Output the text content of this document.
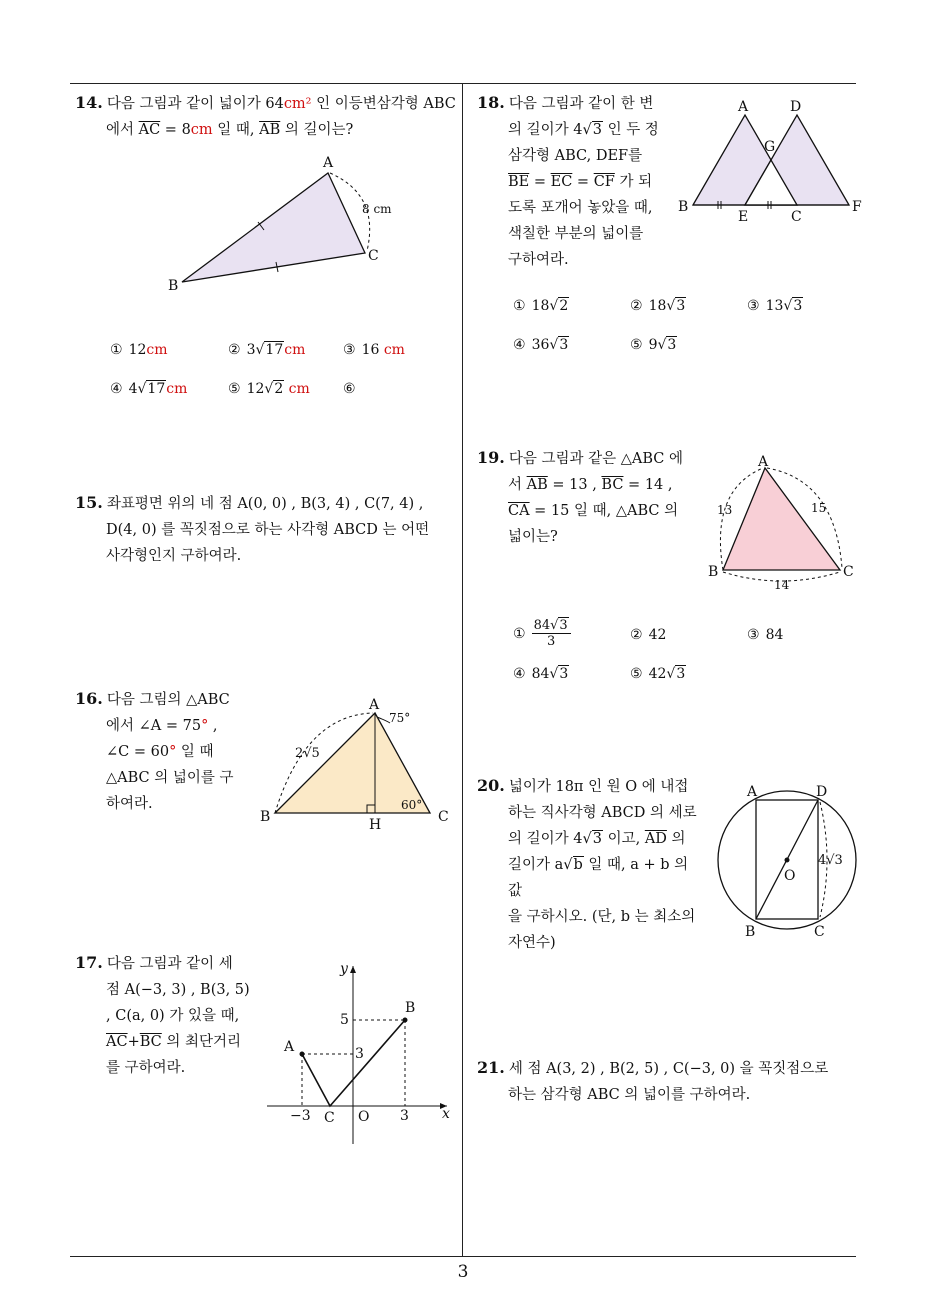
14. 다음 그림과 같이 넓이가 64cm² 인 이등변삼각형 ABC
에서 $\overline{AC} = 8cm$ 일 때, $\overline{AB}$ 의 길이는?
A
B
C
8 cm
① 12cm	② 3√17cm	③ 16 cm
④ 4√17cm	⑤ 12√2 cm ⑥
15. 좌표평면 위의 네 점 A(0, 0) , B(3, 4) , C(7, 4) ,
D(4, 0) 를 꼭짓점으로 하는 사각형 ABCD 는 어떤
사각형인지 구하여라.
16. 다음 그림의 △ABC
에서 ∠A = 75° ,
∠C = 60° 일 때
△ABC 의 넓이를 구
하여라.
A
B	C
H
2√5
75°
60°
17. 다음 그림과 같이 세
점 A(−3, 3) , B(3, 5)
, C(a, 0) 가 있을 때,
$\overline{AC}+\overline{BC}$ 의 최단거리
를 구하여라.
y
x
A
B
C O
5
3
−3	3
18. 다음 그림과 같이 한 변
의 길이가 4√3 인 두 정
삼각형 ABC, DEF를
$\overline{BE} = \overline{EC} = \overline{CF}$ 가 되
도록 포개어 놓았을 때,
색칠한 부분의 넓이를
구하여라.
A	D
G
B	F
E	C
① 18√2	② 18√3	③ 13√3
④ 36√3	⑤ 9√3
19. 다음 그림과 같은 △ABC 에
서 $\overline{AB} = 13$ , $\overline{BC} = 14$ ,
$\overline{CA} = 15$ 일 때, △ABC 의
넓이는?
A
B	C
13	15
14
① $\frac{84√3}{3}$	② 42	③ 84
④ 84√3	⑤ 42√3
20. 넓이가 18π 인 원 O 에 내접
하는 직사각형 ABCD 의 세로
의 길이가 4√3 이고, $\overline{AD}$ 의
길이가 a√b 일 때, a + b 의 값
을 구하시오. (단, b 는 최소의
자연수)
A	D
B	C
O
4√3
21. 세 점 A(3, 2) , B(2, 5) , C(−3, 0) 을 꼭짓점으로
하는 삼각형 ABC 의 넓이를 구하여라.
3
